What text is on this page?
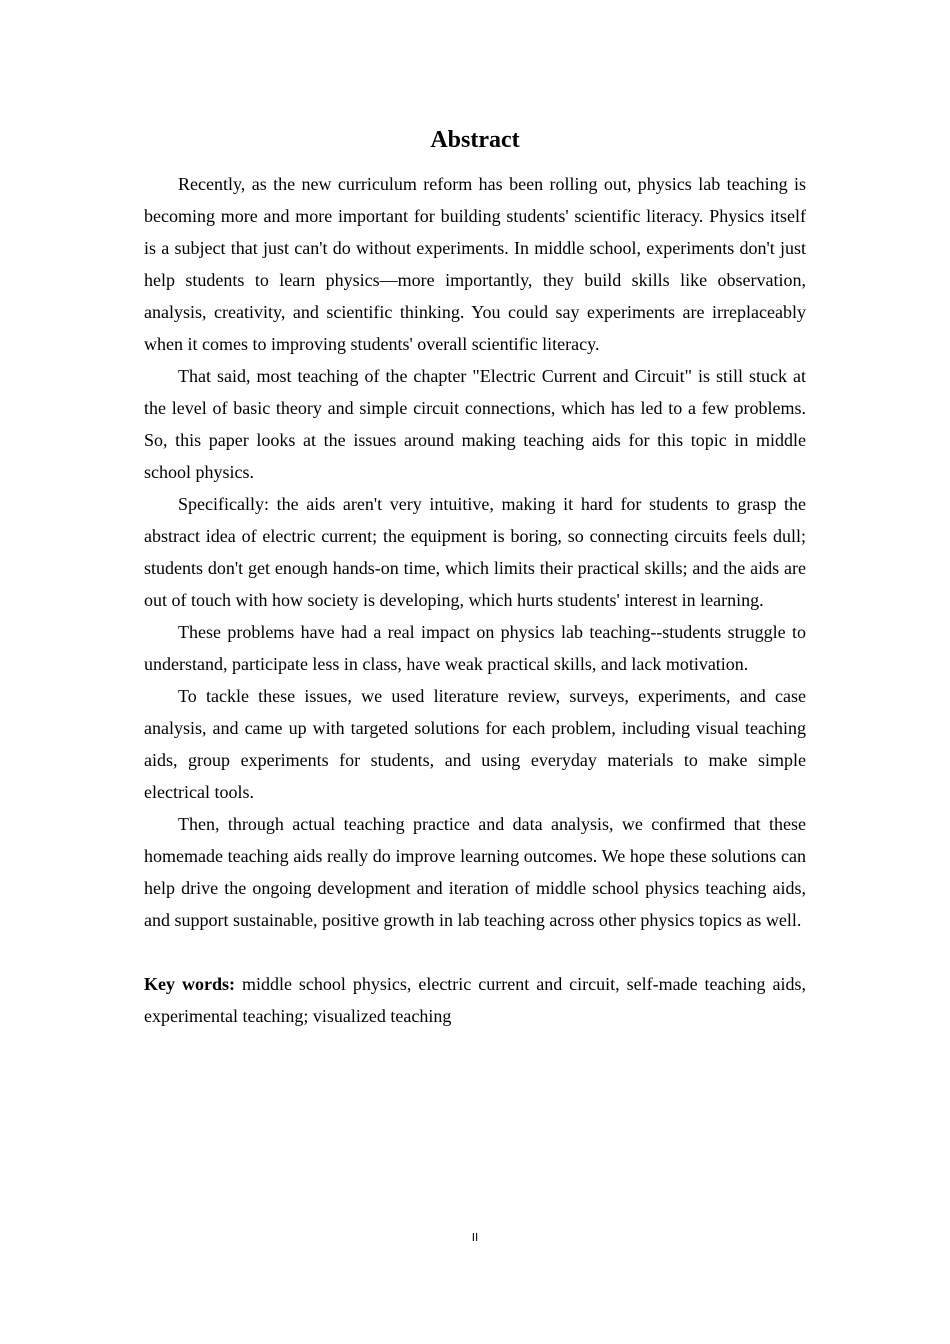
Abstract

Recently, as the new curriculum reform has been rolling out, physics lab teaching is becoming more and more important for building students' scientific literacy. Physics itself is a subject that just can't do without experiments. In middle school, experiments don't just help students to learn physics—more importantly, they build skills like observation, analysis, creativity, and scientific thinking. You could say experiments are irreplaceably when it comes to improving students' overall scientific literacy.

That said, most teaching of the chapter "Electric Current and Circuit" is still stuck at the level of basic theory and simple circuit connections, which has led to a few problems. So, this paper looks at the issues around making teaching aids for this topic in middle school physics.

Specifically: the aids aren't very intuitive, making it hard for students to grasp the abstract idea of electric current; the equipment is boring, so connecting circuits feels dull; students don't get enough hands-on time, which limits their practical skills; and the aids are out of touch with how society is developing, which hurts students' interest in learning.

These problems have had a real impact on physics lab teaching--students struggle to understand, participate less in class, have weak practical skills, and lack motivation.

To tackle these issues, we used literature review, surveys, experiments, and case analysis, and came up with targeted solutions for each problem, including visual teaching aids, group experiments for students, and using everyday materials to make simple electrical tools.

Then, through actual teaching practice and data analysis, we confirmed that these homemade teaching aids really do improve learning outcomes. We hope these solutions can help drive the ongoing development and iteration of middle school physics teaching aids, and support sustainable, positive growth in lab teaching across other physics topics as well.

Key words: middle school physics, electric current and circuit, self-made teaching aids, experimental teaching; visualized teaching

II
